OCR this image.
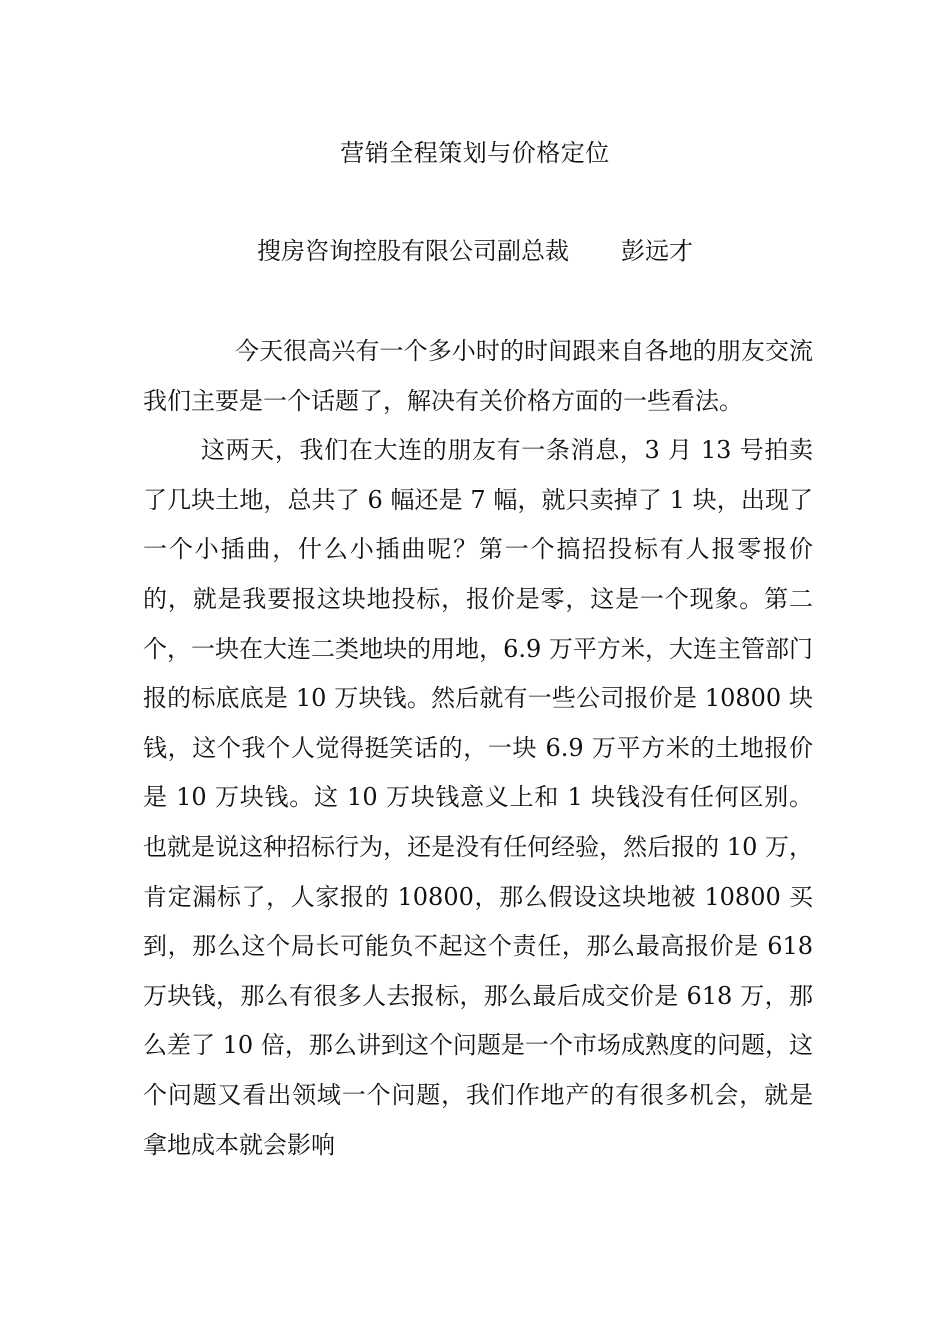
营销全程策划与价格定位
搜房咨询控股有限公司副总裁 彭远才

今天很高兴有一个多小时的时间跟来自各地的朋友交流我们主要是一个话题了，解决有关价格方面的一些看法。

这两天，我们在大连的朋友有一条消息，3 月 13 号拍卖了几块土地，总共了 6 幅还是 7 幅，就只卖掉了 1 块，出现了一个小插曲，什么小插曲呢？第一个搞招投标有人报零报价的，就是我要报这块地投标，报价是零，这是一个现象。第二个，一块在大连二类地块的用地，6.9 万平方米，大连主管部门报的标底底是 10 万块钱。然后就有一些公司报价是 10800 块钱，这个我个人觉得挺笑话的，一块 6.9 万平方米的土地报价是 10 万块钱。这 10 万块钱意义上和 1 块钱没有任何区别。也就是说这种招标行为，还是没有任何经验，然后报的 10 万，肯定漏标了，人家报的 10800，那么假设这块地被 10800 买到，那么这个局长可能负不起这个责任，那么最高报价是 618 万块钱，那么有很多人去报标，那么最后成交价是 618 万，那么差了 10 倍，那么讲到这个问题是一个市场成熟度的问题，这个问题又看出领域一个问题，我们作地产的有很多机会，就是拿地成本就会影响
